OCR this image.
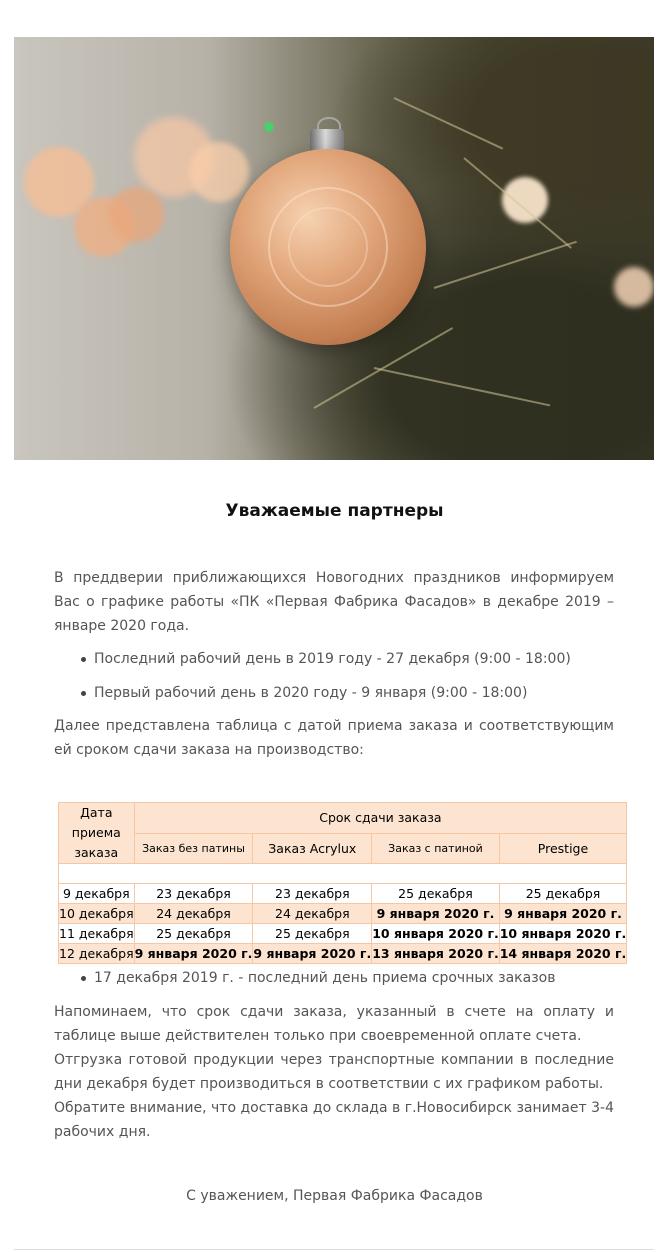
Уважаемые партнеры

В преддверии приближающихся Новогодних праздников информируем Вас о графике работы «ПК «Первая Фабрика Фасадов» в декабре 2019 – январе 2020 года.

Последний рабочий день в 2019 году - 27 декабря (9:00 - 18:00)

Первый рабочий день в 2020 году - 9 января (9:00 - 18:00)

Далее представлена таблица с датой приема заказа и соответствующим ей сроком сдачи заказа на производство:

Дата приема заказа	Срок сдачи заказа			
	Заказ без патины	Заказ Acrylux	Заказ с патиной	Prestige

9 декабря	23 декабря	23 декабря	25 декабря	25 декабря
10 декабря	24 декабря	24 декабря	9 января 2020 г.	9 января 2020 г.
11 декабря	25 декабря	25 декабря	10 января 2020 г.	10 января 2020 г.
12 декабря	9 января 2020 г.	9 января 2020 г.	13 января 2020 г.	14 января 2020 г.

17 декабря 2019 г. - последний день приема срочных заказов

Напоминаем, что срок сдачи заказа, указанный в счете на оплату и таблице выше действителен только при своевременной оплате счета.

Отгрузка готовой продукции через транспортные компании в последние дни декабря будет производиться в соответствии с их графиком работы.

Обратите внимание, что доставка до склада в г.Новосибирск занимает 3-4 рабочих дня.

С уважением, Первая Фабрика Фасадов
